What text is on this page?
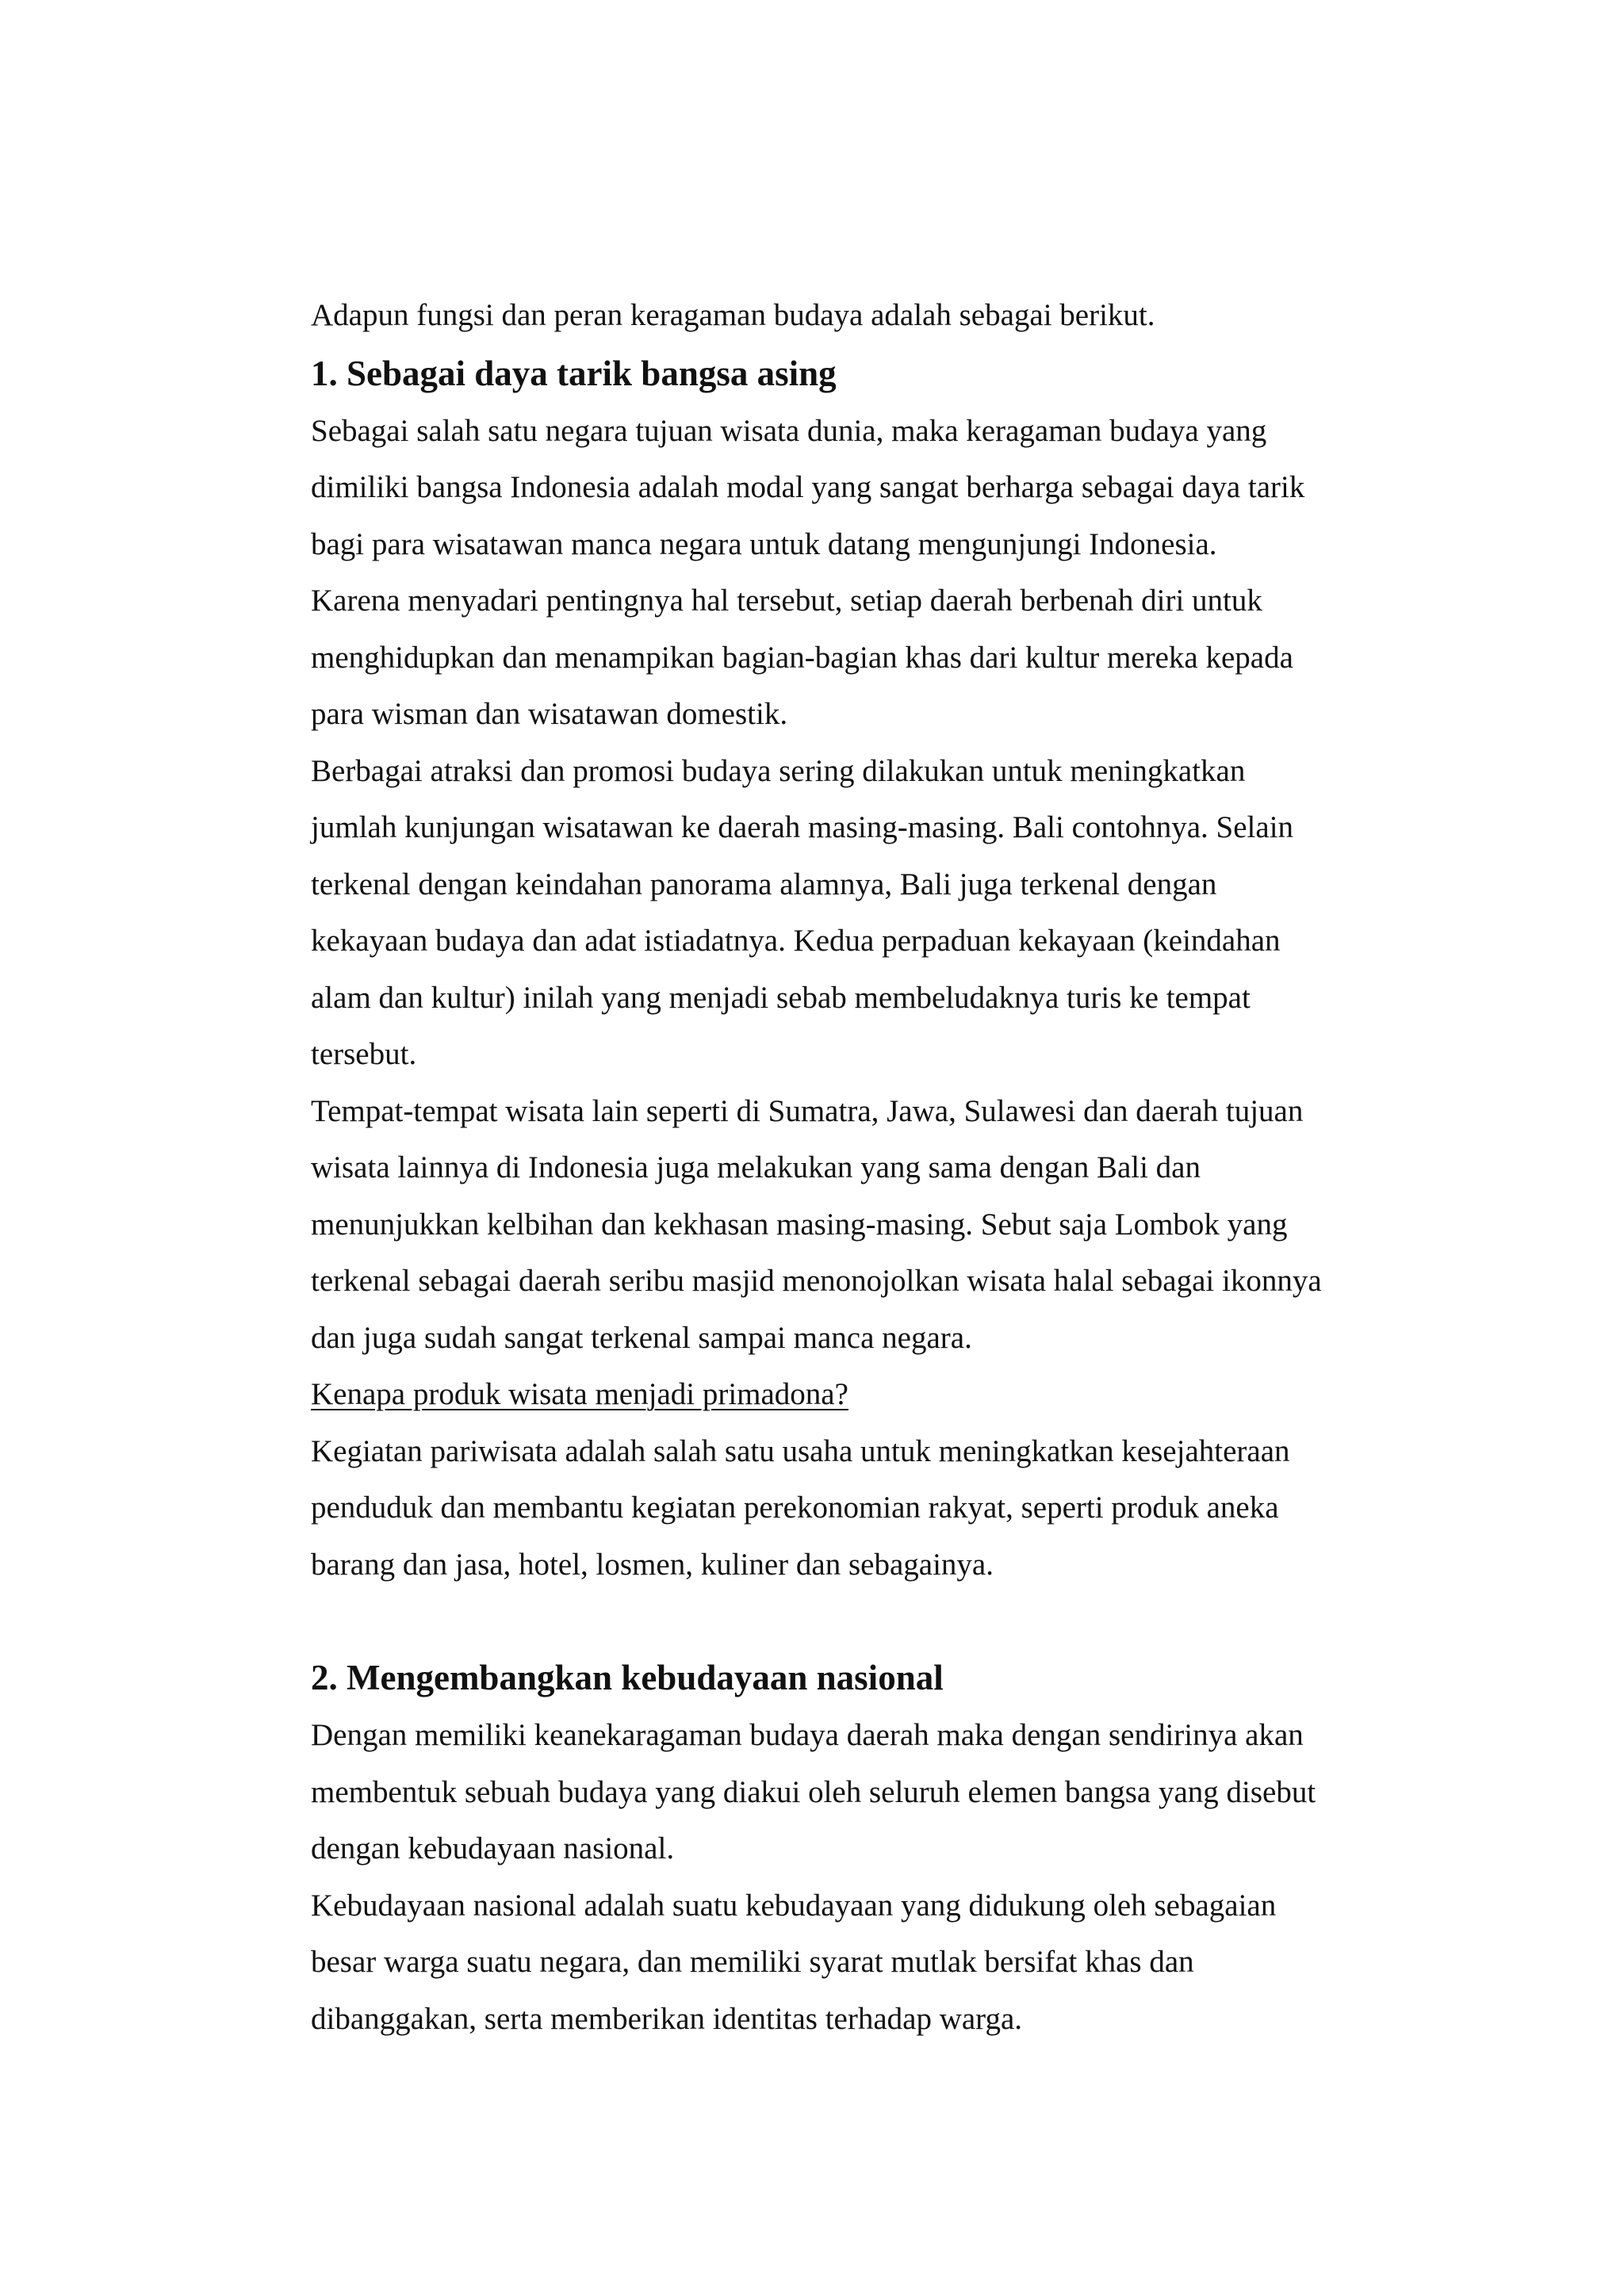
Adapun fungsi dan peran keragaman budaya adalah sebagai berikut.
1. Sebagai daya tarik bangsa asing
Sebagai salah satu negara tujuan wisata dunia, maka keragaman budaya yang
dimiliki bangsa Indonesia adalah modal yang sangat berharga sebagai daya tarik
bagi para wisatawan manca negara untuk datang mengunjungi Indonesia.
Karena menyadari pentingnya hal tersebut, setiap daerah berbenah diri untuk
menghidupkan dan menampikan bagian-bagian khas dari kultur mereka kepada
para wisman dan wisatawan domestik.
Berbagai atraksi dan promosi budaya sering dilakukan untuk meningkatkan
jumlah kunjungan wisatawan ke daerah masing-masing. Bali contohnya. Selain
terkenal dengan keindahan panorama alamnya, Bali juga terkenal dengan
kekayaan budaya dan adat istiadatnya. Kedua perpaduan kekayaan (keindahan
alam dan kultur) inilah yang menjadi sebab membeludaknya turis ke tempat
tersebut.
Tempat-tempat wisata lain seperti di Sumatra, Jawa, Sulawesi dan daerah tujuan
wisata lainnya di Indonesia juga melakukan yang sama dengan Bali dan
menunjukkan kelbihan dan kekhasan masing-masing. Sebut saja Lombok yang
terkenal sebagai daerah seribu masjid menonojolkan wisata halal sebagai ikonnya
dan juga sudah sangat terkenal sampai manca negara.
Kenapa produk wisata menjadi primadona?
Kegiatan pariwisata adalah salah satu usaha untuk meningkatkan kesejahteraan
penduduk dan membantu kegiatan perekonomian rakyat, seperti produk aneka
barang dan jasa, hotel, losmen, kuliner dan sebagainya.
2. Mengembangkan kebudayaan nasional
Dengan memiliki keanekaragaman budaya daerah maka dengan sendirinya akan
membentuk sebuah budaya yang diakui oleh seluruh elemen bangsa yang disebut
dengan kebudayaan nasional.
Kebudayaan nasional adalah suatu kebudayaan yang didukung oleh sebagaian
besar warga suatu negara, dan memiliki syarat mutlak bersifat khas dan
dibanggakan, serta memberikan identitas terhadap warga.
